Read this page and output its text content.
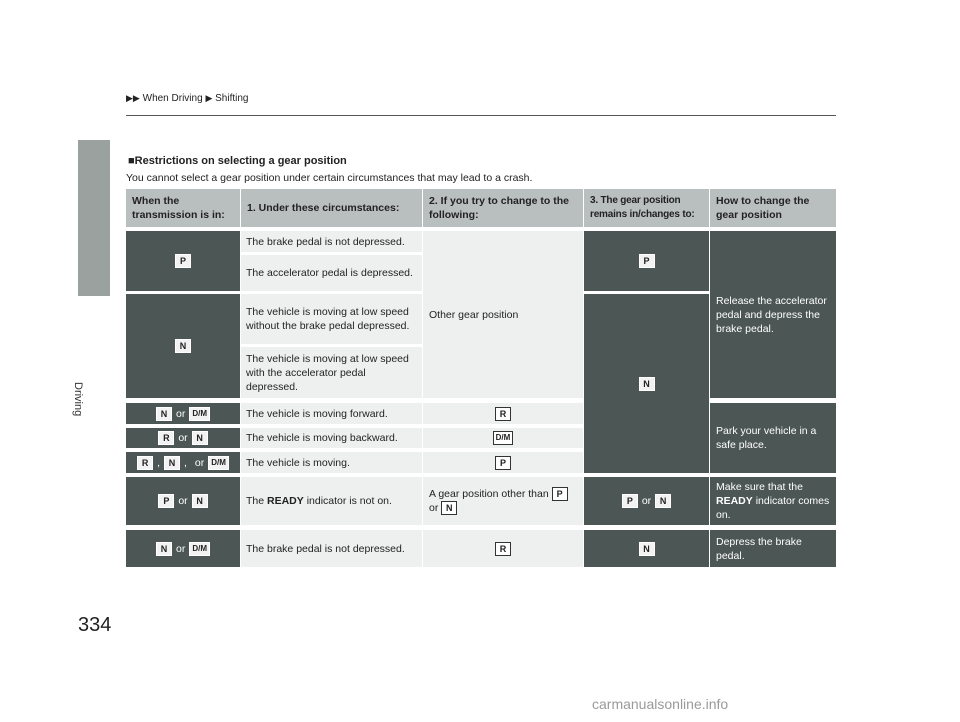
Driving
334
▶▶ When Driving ▶ Shifting
■Restrictions on selecting a gear position
You cannot select a gear position under certain circumstances that may lead to a crash.
When the transmission is in:
1. Under these circumstances:
2. If you try to change to the following:
3. The gear position remains in/changes to:
How to change the gear position
P
N
N or D/M
R or N
R , N , or D/M
P or N
N or D/M
The brake pedal is not depressed.
The accelerator pedal is depressed.
The vehicle is moving at low speed without the brake pedal depressed.
The vehicle is moving at low speed with the accelerator pedal depressed.
The vehicle is moving forward.
The vehicle is moving backward.
The vehicle is moving.
The READY indicator is not on.
The brake pedal is not depressed.
Other gear position
R
D/M
P
A gear position other than P
or N
R
P
N
P or N
N
Release the accelerator pedal and depress the brake pedal.
Park your vehicle in a safe place.
Make sure that the
READY indicator comes on.
Depress the brake pedal.
carmanualsonline.info
